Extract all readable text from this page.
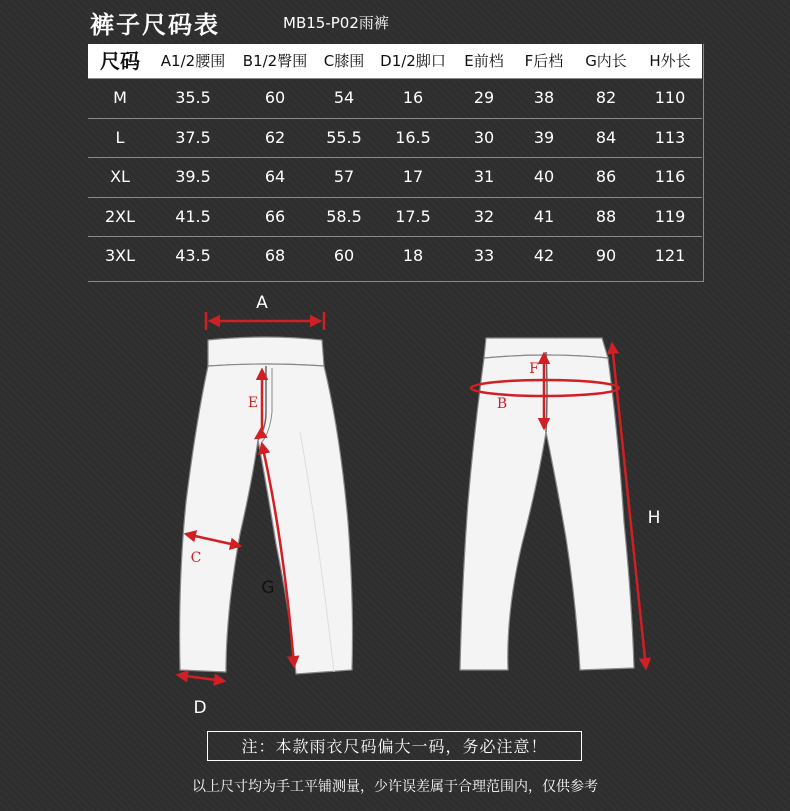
裤子尺码表	MB15-P02雨裤
尺码	A1/2腰围	B1/2臀围	C膝围	D1/2脚口	E前档	F后档	G内长	H外长
M	35.5	60	54	16	29	38	82	110
L	37.5	62	55.5	16.5	30	39	84	113
XL	39.5	64	57	17	31	40	86	116
2XL	41.5	66	58.5	17.5	32	41	88	119
3XL	43.5	68	60	18	33	42	90	121
A
E
C
G
D
F
B
H
注：本款雨衣尺码偏大一码，务必注意！
以上尺寸均为手工平铺测量，少许误差属于合理范围内，仅供参考
